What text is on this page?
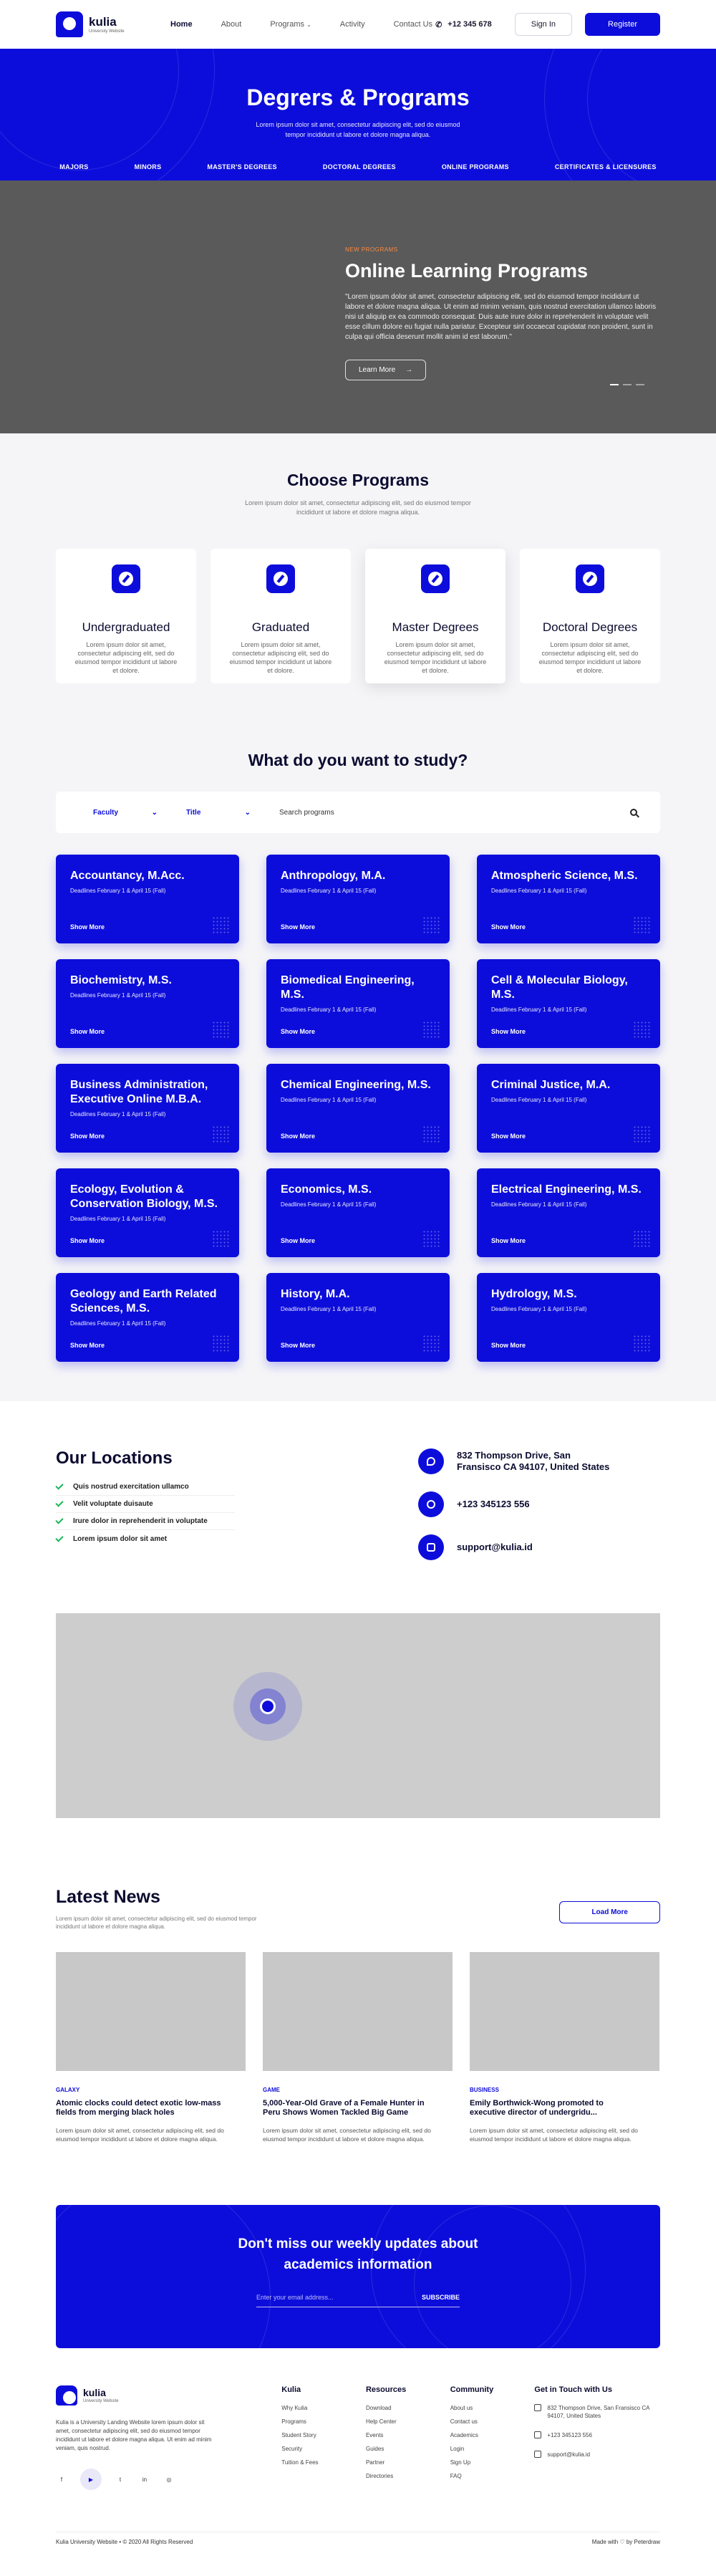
kulia
University Website
Home	About	Programs ⌄	Activity	Contact Us ✆ +12 345 678	Sign In	Register
Degrers & Programs

Lorem ipsum dolor sit amet, consectetur adipiscing elit, sed do eiusmod tempor incididunt ut labore et dolore magna aliqua.

MAJORS	MINORS	MASTER'S DEGREES	DOCTORAL DEGREES	ONLINE PROGRAMS	CERTIFICATES & LICENSURES
NEW PROGRAMS
Online Learning Programs

"Lorem ipsum dolor sit amet, consectetur adipiscing elit, sed do eiusmod tempor incididunt ut labore et dolore magna aliqua. Ut enim ad minim veniam, quis nostrud exercitation ullamco laboris nisi ut aliquip ex ea commodo consequat. Duis aute irure dolor in reprehenderit in voluptate velit esse cillum dolore eu fugiat nulla pariatur. Excepteur sint occaecat cupidatat non proident, sunt in culpa qui officia deserunt mollit anim id est laborum."

Learn More →
Choose Programs
Lorem ipsum dolor sit amet, consectetur adipiscing elit, sed do eiusmod tempor incididunt ut labore et dolore magna aliqua.
Undergraduated

Lorem ipsum dolor sit amet, consectetur adipiscing elit, sed do eiusmod tempor incididunt ut labore et dolore.

Graduated

Lorem ipsum dolor sit amet, consectetur adipiscing elit, sed do eiusmod tempor incididunt ut labore et dolore.

Master Degrees

Lorem ipsum dolor sit amet, consectetur adipiscing elit, sed do eiusmod tempor incididunt ut labore et dolore.

Doctoral Degrees

Lorem ipsum dolor sit amet, consectetur adipiscing elit, sed do eiusmod tempor incididunt ut labore et dolore.

What do you want to study?
Faculty	⌄	Title	⌄	Search programs
Accountancy, M.Acc.
Deadlines February 1 & April 15 (Fall)
Show More
Anthropology, M.A.
Deadlines February 1 & April 15 (Fall)
Show More
Atmospheric Science, M.S.
Deadlines February 1 & April 15 (Fall)
Show More
Biochemistry, M.S.
Deadlines February 1 & April 15 (Fall)
Show More
Biomedical Engineering, M.S.
Deadlines February 1 & April 15 (Fall)
Show More
Cell & Molecular Biology, M.S.
Deadlines February 1 & April 15 (Fall)
Show More
Business Administration, Executive Online M.B.A.
Deadlines February 1 & April 15 (Fall)
Show More
Chemical Engineering, M.S.
Deadlines February 1 & April 15 (Fall)
Show More
Criminal Justice, M.A.
Deadlines February 1 & April 15 (Fall)
Show More
Ecology, Evolution & Conservation Biology, M.S.
Deadlines February 1 & April 15 (Fall)
Show More
Economics, M.S.
Deadlines February 1 & April 15 (Fall)
Show More
Electrical Engineering, M.S.
Deadlines February 1 & April 15 (Fall)
Show More
Geology and Earth Related Sciences, M.S.
Deadlines February 1 & April 15 (Fall)
Show More
History, M.A.
Deadlines February 1 & April 15 (Fall)
Show More
Hydrology, M.S.
Deadlines February 1 & April 15 (Fall)
Show More
Our Locations
Quis nostrud exercitation ullamco
Velit voluptate duisaute
Irure dolor in reprehenderit in voluptate
Lorem ipsum dolor sit amet
832 Thompson Drive, San Fransisco CA 94107, United States
+123 345123 556
support@kulia.id
Latest News

Lorem ipsum dolor sit amet, consectetur adipiscing elit, sed do eiusmod tempor incididunt ut labore et dolore magna aliqua.

Load More
GALAXY
Atomic clocks could detect exotic low-mass fields from merging black holes
Lorem ipsum dolor sit amet, consectetur adipiscing elit, sed do eiusmod tempor incididunt ut labore et dolore magna aliqua.
GAME
5,000-Year-Old Grave of a Female Hunter in Peru Shows Women Tackled Big Game
Lorem ipsum dolor sit amet, consectetur adipiscing elit, sed do eiusmod tempor incididunt ut labore et dolore magna aliqua.
BUSINESS
Emily Borthwick-Wong promoted to executive director of undergridu...
Lorem ipsum dolor sit amet, consectetur adipiscing elit, sed do eiusmod tempor incididunt ut labore et dolore magna aliqua.
Don't miss our weekly updates about academics information
Enter your email address...	SUBSCRIBE
kulia
University Website

Kulia is a University Landing Website lorem ipsum dolor sit amet, consectetur adipiscing elit, sed do eiusmod tempor incididunt ut labore et dolore magna aliqua. Ut enim ad minim veniam, quis nostrud.

f	▶	t	in	◎
Kulia
Why Kulia
Programs
Student Story
Security
Tuition & Fees
Resources
Download
Help Center
Events
Guides
Partner
Directories
Community
About us
Contact us
Academics
Login
Sign Up
FAQ
Get in Touch with Us
832 Thompson Drive, San Fransisco CA 94107, United States
+123 345123 556
support@kulia.id
Kulia University Website • © 2020 All Rights Reserved	Made with ♡ by Peterdraw
